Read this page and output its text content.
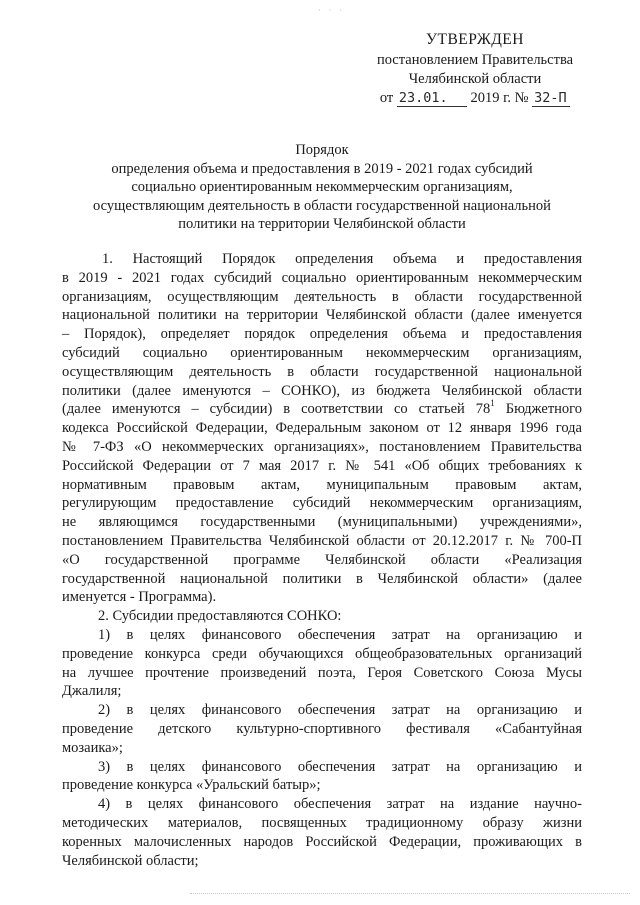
· · ·
УТВЕРЖДЕН
постановлением Правительства
Челябинской области
от 23.01. 2019 г. № 32-П
Порядок
определения объема и предоставления в 2019 - 2021 годах субсидий
социально ориентированным некоммерческим организациям,
осуществляющим деятельность в области государственной национальной
политики на территории Челябинской области
1. Настоящий Порядок определения объема и предоставления
в 2019 - 2021 годах субсидий социально ориентированным некоммерческим
организациям, осуществляющим деятельность в области государственной
национальной политики на территории Челябинской области (далее именуется
– Порядок), определяет порядок определения объема и предоставления
субсидий социально ориентированным некоммерческим организациям,
осуществляющим деятельность в области государственной национальной
политики (далее именуются – СОНКО), из бюджета Челябинской области
(далее именуются – субсидии) в соответствии со статьей $78^1$ Бюджетного
кодекса Российской Федерации, Федеральным законом от 12 января 1996 года
№ 7-ФЗ «О некоммерческих организациях», постановлением Правительства
Российской Федерации от 7 мая 2017 г. № 541 «Об общих требованиях к
нормативным правовым актам, муниципальным правовым актам,
регулирующим предоставление субсидий некоммерческим организациям,
не являющимся государственными (муниципальными) учреждениями»,
постановлением Правительства Челябинской области от 20.12.2017 г. № 700-П
«О государственной программе Челябинской области «Реализация
государственной национальной политики в Челябинской области» (далее
именуется - Программа).
2. Субсидии предоставляются СОНКО:
1) в целях финансового обеспечения затрат на организацию и
проведение конкурса среди обучающихся общеобразовательных организаций
на лучшее прочтение произведений поэта, Героя Советского Союза Мусы
Джалиля;
2) в целях финансового обеспечения затрат на организацию и
проведение детского культурно-спортивного фестиваля «Сабантуйная
мозаика»;
3) в целях финансового обеспечения затрат на организацию и
проведение конкурса «Уральский батыр»;
4) в целях финансового обеспечения затрат на издание научно-
методических материалов, посвященных традиционному образу жизни
коренных малочисленных народов Российской Федерации, проживающих в
Челябинской области;
